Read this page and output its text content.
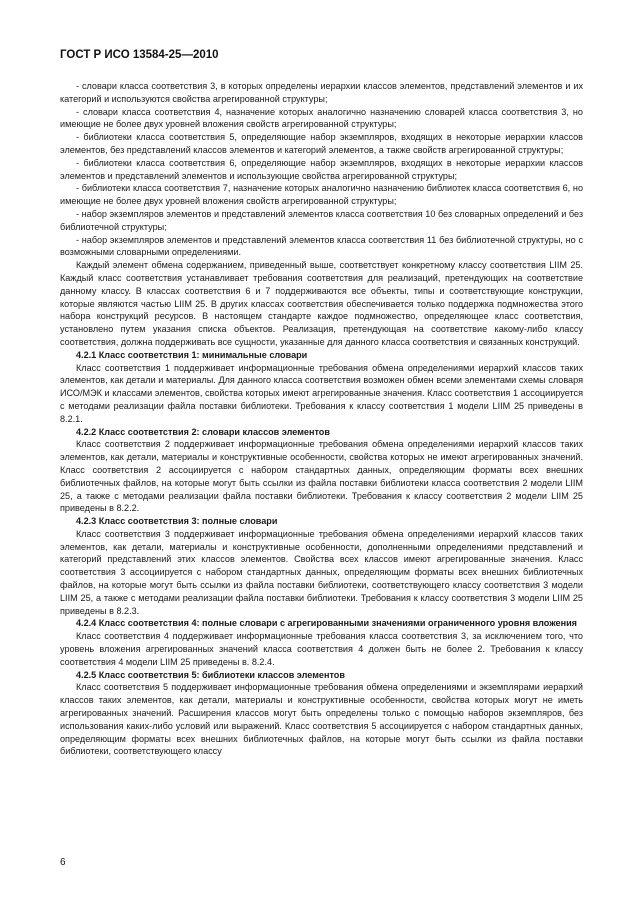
ГОСТ Р ИСО 13584-25—2010

- словари класса соответствия 3, в которых определены иерархии классов элементов, представлений элементов и их категорий и используются свойства агрегированной структуры;

- словари класса соответствия 4, назначение которых аналогично назначению словарей класса соответствия 3, но имеющие не более двух уровней вложения свойств агрегированной структуры;

- библиотеки класса соответствия 5, определяющие набор экземпляров, входящих в некоторые иерархии классов элементов, без представлений классов элементов и категорий элементов, а также свойств агрегированной структуры;

- библиотеки класса соответствия 6, определяющие набор экземпляров, входящих в некоторые иерархии классов элементов и представлений элементов и использующие свойства агрегированной структуры;

- библиотеки класса соответствия 7, назначение которых аналогично назначению библиотек класса соответствия 6, но имеющие не более двух уровней вложения свойств агрегированной структуры;

- набор экземпляров элементов и представлений элементов класса соответствия 10 без словарных определений и без библиотечной структуры;

- набор экземпляров элементов и представлений элементов класса соответствия 11 без библиотечной структуры, но с возможными словарными определениями.

Каждый элемент обмена содержанием, приведенный выше, соответствует конкретному классу соответствия LIIM 25. Каждый класс соответствия устанавливает требования соответствия для реализаций, претендующих на соответствие данному классу. В классах соответствия 6 и 7 поддерживаются все объекты, типы и соответствующие конструкции, которые являются частью LIIM 25. В других классах соответствия обеспечивается только поддержка подмножества этого набора конструкций ресурсов. В настоящем стандарте каждое подмножество, определяющее класс соответствия, установлено путем указания списка объектов. Реализация, претендующая на соответствие какому-либо классу соответствия, должна поддерживать все сущности, указанные для данного класса соответствия и связанных конструкций.

4.2.1 Класс соответствия 1: минимальные словари

Класс соответствия 1 поддерживает информационные требования обмена определениями иерархий классов таких элементов, как детали и материалы. Для данного класса соответствия возможен обмен всеми элементами схемы словаря ИСО/МЭК и классами элементов, свойства которых имеют агрегированные значения. Класс соответствия 1 ассоциируется с методами реализации файла поставки библиотеки. Требования к классу соответствия 1 модели LIIM 25 приведены в 8.2.1.

4.2.2 Класс соответствия 2: словари классов элементов

Класс соответствия 2 поддерживает информационные требования обмена определениями иерархий классов таких элементов, как детали, материалы и конструктивные особенности, свойства которых не имеют агрегированных значений. Класс соответствия 2 ассоциируется с набором стандартных данных, определяющим форматы всех внешних библиотечных файлов, на которые могут быть ссылки из файла поставки библиотеки класса соответствия 2 модели LIIM 25, а также с методами реализации файла поставки библиотеки. Требования к классу соответствия 2 модели LIIM 25 приведены в 8.2.2.

4.2.3 Класс соответствия 3: полные словари

Класс соответствия 3 поддерживает информационные требования обмена определениями иерархий классов таких элементов, как детали, материалы и конструктивные особенности, дополненными определениями представлений и категорий представлений этих классов элементов. Свойства всех классов имеют агрегированные значения. Класс соответствия 3 ассоциируется с набором стандартных данных, определяющим форматы всех внешних библиотечных файлов, на которые могут быть ссылки из файла поставки библиотеки, соответствующего классу соответствия 3 модели LIIM 25, а также с методами реализации файла поставки библиотеки. Требования к классу соответствия 3 модели LIIM 25 приведены в 8.2.3.

4.2.4 Класс соответствия 4: полные словари с агрегированными значениями ограниченного уровня вложения

Класс соответствия 4 поддерживает информационные требования класса соответствия 3, за исключением того, что уровень вложения агрегированных значений класса соответствия 4 должен быть не более 2. Требования к классу соответствия 4 модели LIIM 25 приведены в. 8.2.4.

4.2.5 Класс соответствия 5: библиотеки классов элементов

Класс соответствия 5 поддерживает информационные требования обмена определениями и экземплярами иерархий классов таких элементов, как детали, материалы и конструктивные особенности, свойства которых могут не иметь агрегированных значений. Расширения классов могут быть определены только с помощью наборов экземпляров, без использования каких-либо условий или выражений. Класс соответствия 5 ассоциируется с набором стандартных данных, определяющим форматы всех внешних библиотечных файлов, на которые могут быть ссылки из файла поставки библиотеки, соответствующего классу

6
